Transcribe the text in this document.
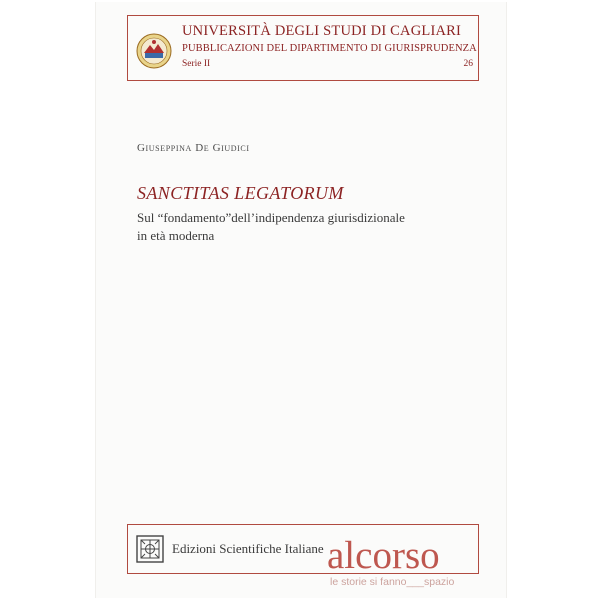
UNIVERSITÀ DEGLI STUDI DI CAGLIARI
PUBBLICAZIONI DEL DIPARTIMENTO DI GIURISPRUDENZA
Serie II	26
Giuseppina De Giudici
SANCTITAS LEGATORUM
Sul “fondamento”dell’indipendenza giurisdizionale
in età moderna
Edizioni Scientifiche Italiane alcorso
le storie si fanno___spazio
